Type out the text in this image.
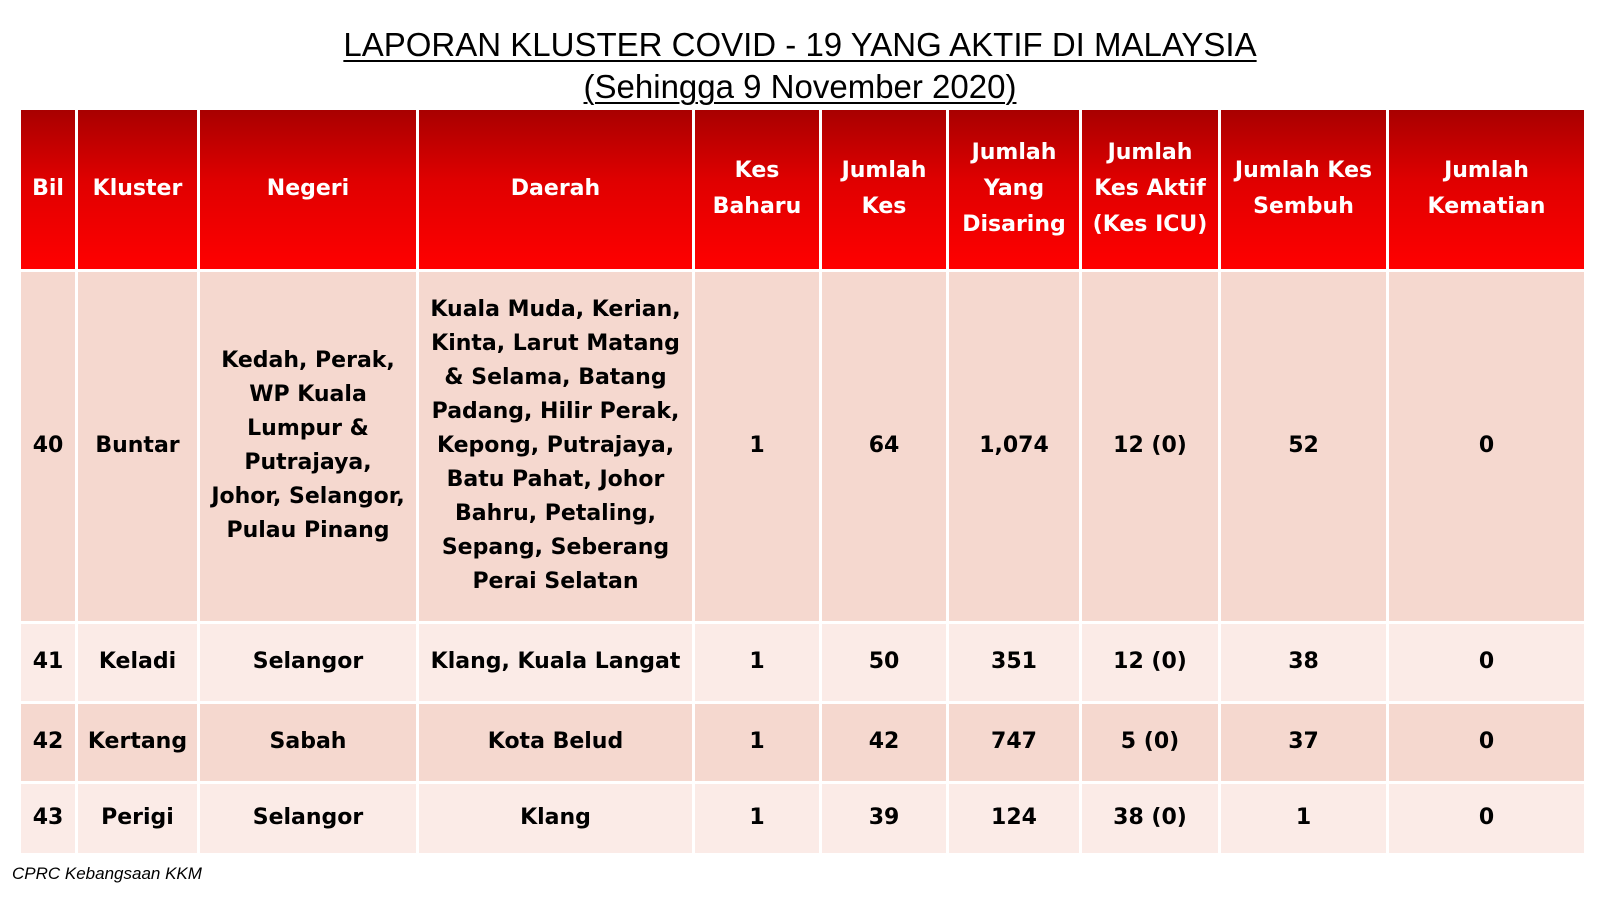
LAPORAN KLUSTER COVID - 19 YANG AKTIF DI MALAYSIA
(Sehingga 9 November 2020)
Bil	Kluster	Negeri	Daerah	Kes Baharu	Jumlah Kes	Jumlah Yang Disaring	Jumlah Kes Aktif (Kes ICU)	Jumlah Kes Sembuh	Jumlah Kematian

40	Buntar	Kedah, Perak, WP Kuala Lumpur & Putrajaya, Johor, Selangor, Pulau Pinang	Kuala Muda, Kerian, Kinta, Larut Matang & Selama, Batang Padang, Hilir Perak, Kepong, Putrajaya, Batu Pahat, Johor Bahru, Petaling, Sepang, Seberang Perai Selatan	1	64	1,074	12 (0)	52	0
41	Keladi	Selangor	Klang, Kuala Langat	1	50	351	12 (0)	38	0
42	Kertang	Sabah	Kota Belud	1	42	747	5 (0)	37	0
43	Perigi	Selangor	Klang	1	39	124	38 (0)	1	0
CPRC Kebangsaan KKM
